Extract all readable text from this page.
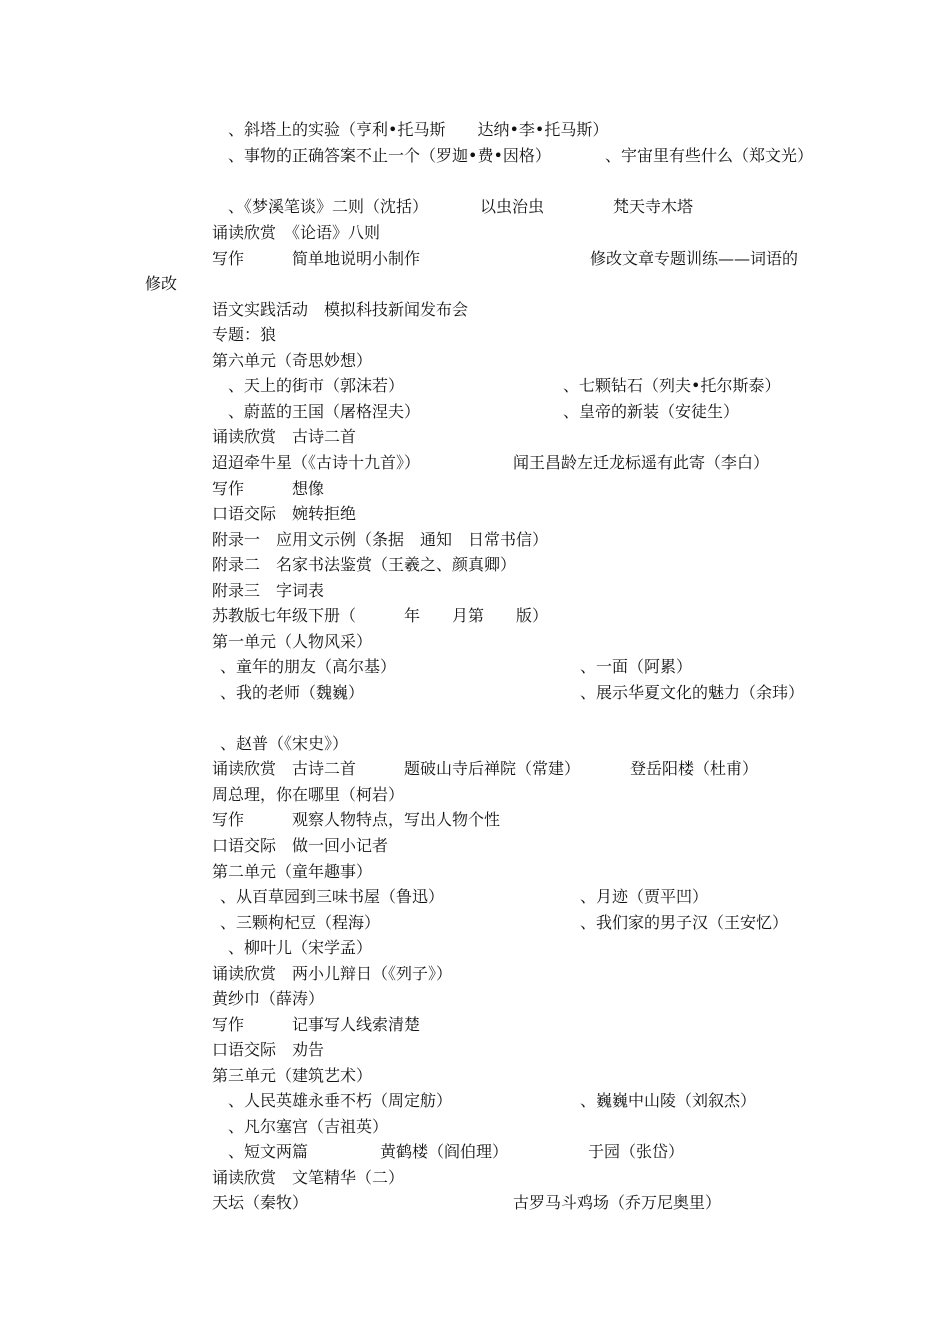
、斜塔上的实验（亨利•托马斯　　达纳•李•托马斯）
、事物的正确答案不止一个（罗迦•费•因格）	、宇宙里有些什么（郑文光）
、《梦溪笔谈》二则（沈括）	以虫治虫	梵天寺木塔
诵读欣赏　《论语》八则
写作　　　简单地说明小制作	修改文章专题训练——词语的
修改
语文实践活动　模拟科技新闻发布会
专题：狼
第六单元（奇思妙想）
、天上的街市（郭沫若）	、七颗钻石（列夫•托尔斯泰）
、蔚蓝的王国（屠格涅夫）	、皇帝的新装（安徒生）
诵读欣赏　古诗二首
迢迢牵牛星（《古诗十九首》）	闻王昌龄左迁龙标遥有此寄（李白）
写作　　　想像
口语交际　婉转拒绝
附录一　应用文示例（条据　通知　日常书信）
附录二　名家书法鉴赏（王羲之、颜真卿）
附录三　字词表
苏教版七年级下册（　　　年　　月第　　版）
第一单元（人物风采）
、童年的朋友（高尔基）	、一面（阿累）
、我的老师（魏巍）	、展示华夏文化的魅力（余玮）
、赵普（《宋史》）
诵读欣赏　古诗二首	题破山寺后禅院（常建）	登岳阳楼（杜甫）
周总理，你在哪里（柯岩）
写作　　　观察人物特点，写出人物个性
口语交际　做一回小记者
第二单元（童年趣事）
、从百草园到三味书屋（鲁迅）	、月迹（贾平凹）
、三颗枸杞豆（程海）	、我们家的男子汉（王安忆）
、柳叶儿（宋学孟）
诵读欣赏　两小儿辩日（《列子》）
黄纱巾（薛涛）
写作　　　记事写人线索清楚
口语交际　劝告
第三单元（建筑艺术）
、人民英雄永垂不朽（周定舫）	、巍巍中山陵（刘叙杰）
、凡尔塞宫（吉祖英）
、短文两篇	黄鹤楼（阎伯理）	于园（张岱）
诵读欣赏　文笔精华（二）
天坛（秦牧）	古罗马斗鸡场（乔万尼奥里）
